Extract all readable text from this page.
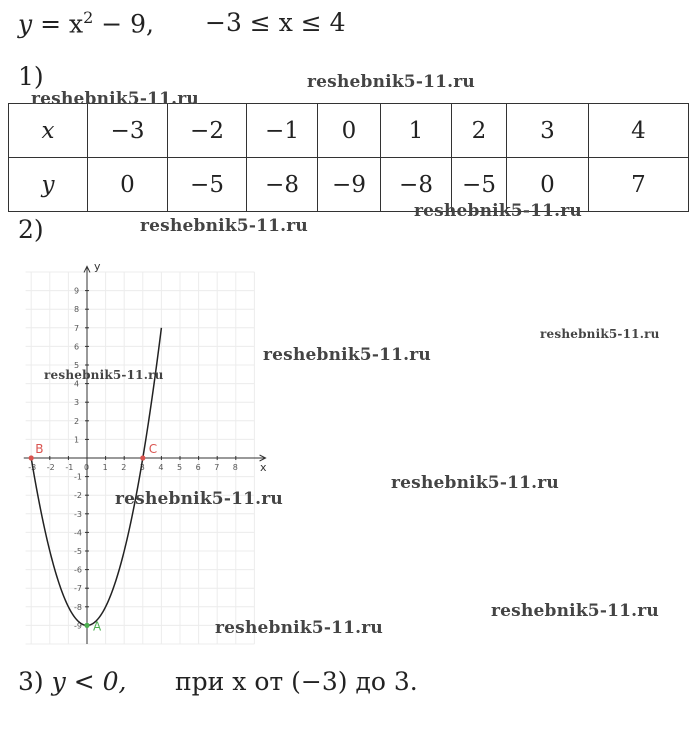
$y = x^2 - 9$, −3 ≤ x ≤ 4
1)
x	−3	−2	−1	0	1	2	3	4
y	0	−5	−8	−9	−8	−5	0	7
2)
x
y
-3 -2 -1 0 1 2 3 4 5 6 7 8
9
8
7
6
5
4
3
2
1
-1
-2
-3
-4
-5
-6
-7
-8
-9
B	C
A
3) y < 0, при x от (−3) до 3.
reshebnik5-11.ru
reshebnik5-11.ru
reshebnik5-11.ru
reshebnik5-11.ru
reshebnik5-11.ru
reshebnik5-11.ru
reshebnik5-11.ru
reshebnik5-11.ru
reshebnik5-11.ru
reshebnik5-11.ru
reshebnik5-11.ru
